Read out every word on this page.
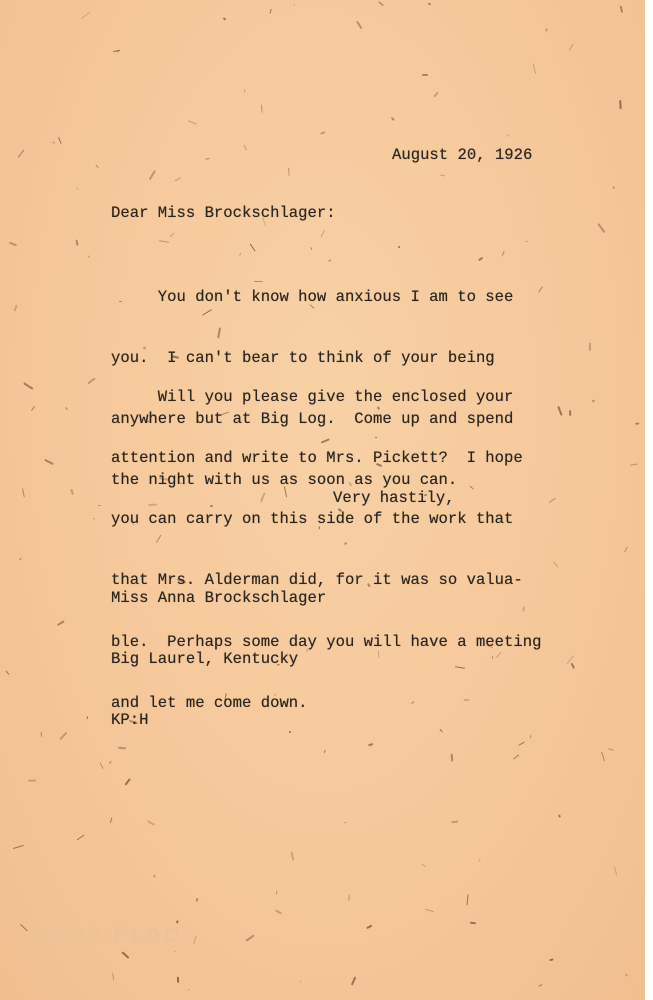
August 20, 1926
Dear Miss Brockschlager:

You don't know how anxious I am to see

you.  I can't bear to think of your being

anywhere but at Big Log.  Come up and spend

the night with us as soon as you can.

Will you please give the enclosed your

attention and write to Mrs. Pickett?  I hope

you can carry on this side of the work that

that Mrs. Alderman did, for it was so valua-

ble.  Perhaps some day you will have a meeting

and let me come down.

Very hastily,

Miss Anna Brockschlager

Big Laurel, Kentucky

KP:H

PMSS-PLAD
